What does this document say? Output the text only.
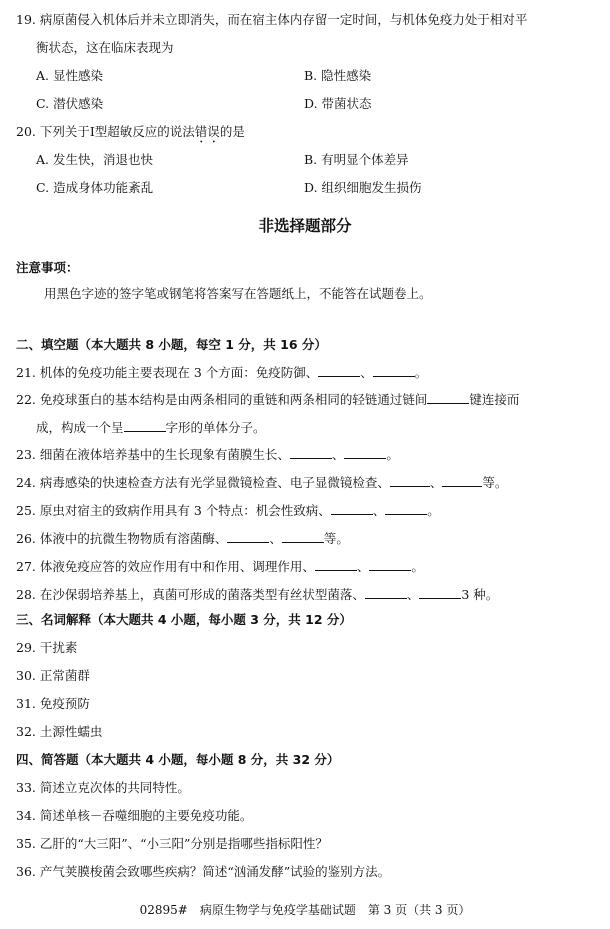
19. 病原菌侵入机体后并未立即消失，而在宿主体内存留一定时间，与机体免疫力处于相对平
衡状态，这在临床表现为
A. 显性感染	B. 隐性感染
C. 潜伏感染	D. 带菌状态
20. 下列关于Ⅰ型超敏反应的说法错误的是
A. 发生快，消退也快	B. 有明显个体差异
C. 造成身体功能紊乱	D. 组织细胞发生损伤
非选择题部分
注意事项：
用黑色字迹的签字笔或钢笔将答案写在答题纸上，不能答在试题卷上。
二、填空题（本大题共 8 小题，每空 1 分，共 16 分）
21. 机体的免疫功能主要表现在 3 个方面：免疫防御、	、	。
22. 免疫球蛋白的基本结构是由两条相同的重链和两条相同的轻链通过链间	键连接而
成，构成一个呈	字形的单体分子。
23. 细菌在液体培养基中的生长现象有菌膜生长、	、	。
24. 病毒感染的快速检查方法有光学显微镜检查、电子显微镜检查、	、	等。
25. 原虫对宿主的致病作用具有 3 个特点：机会性致病、	、	。
26. 体液中的抗微生物物质有溶菌酶、	、	等。
27. 体液免疫应答的效应作用有中和作用、调理作用、	、	。
28. 在沙保弱培养基上，真菌可形成的菌落类型有丝状型菌落、	、	3 种。
三、名词解释（本大题共 4 小题，每小题 3 分，共 12 分）
29. 干扰素
30. 正常菌群
31. 免疫预防
32. 土源性蠕虫
四、简答题（本大题共 4 小题，每小题 8 分，共 32 分）
33. 简述立克次体的共同特性。
34. 简述单核－吞噬细胞的主要免疫功能。
35. 乙肝的“大三阳”、“小三阳”分别是指哪些指标阳性？
36. 产气荚膜梭菌会致哪些疾病？简述“汹涌发酵”试验的鉴别方法。
02895#　病原生物学与免疫学基础试题　第 3 页（共 3 页）
